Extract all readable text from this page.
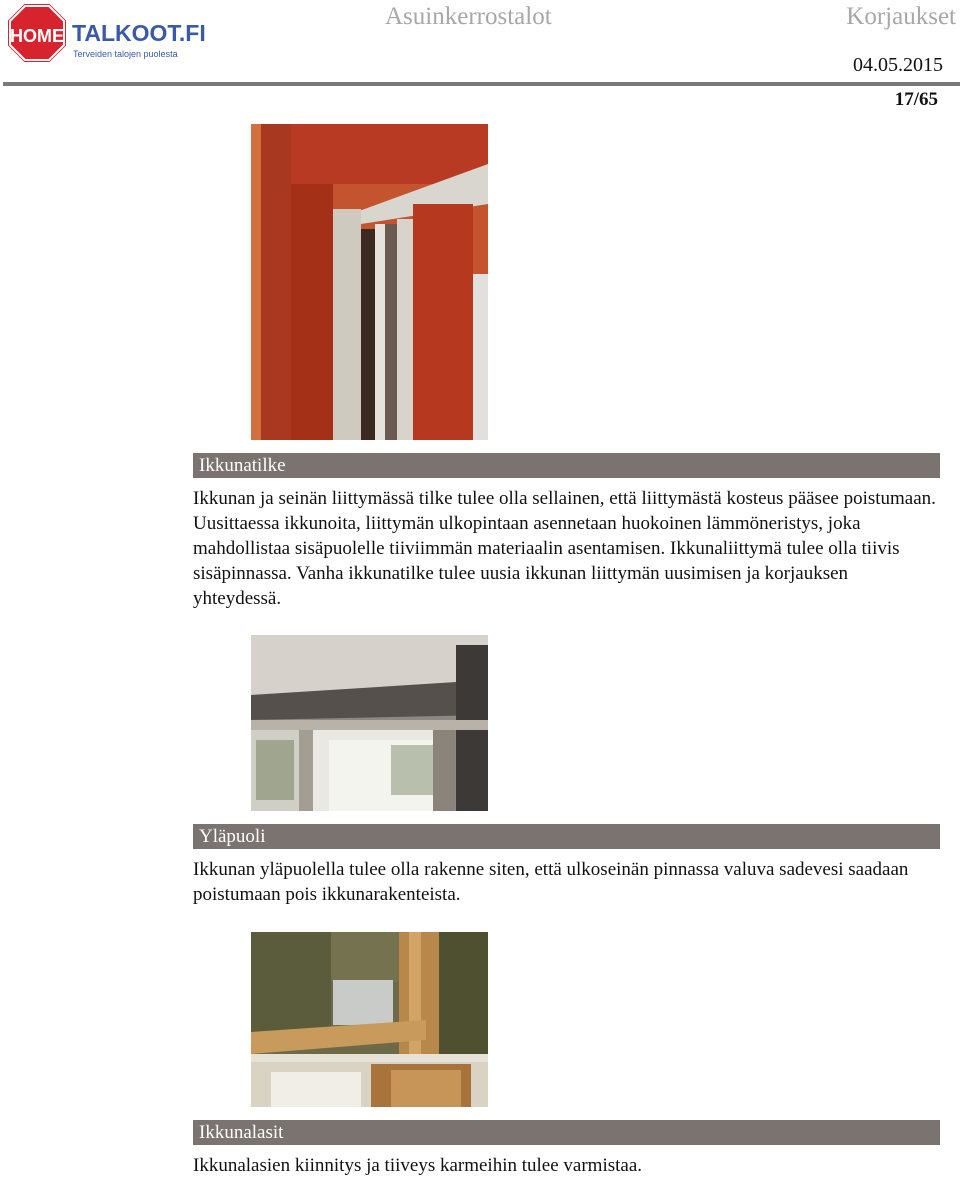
HOME TALKOOT.FI
Terveiden talojen puolesta
Asuinkerrostalot	Korjaukset
04.05.2015
17/65
Ikkunatilke

Ikkunan ja seinän liittymässä tilke tulee olla sellainen, että liittymästä kosteus pääsee poistumaan. Uusittaessa ikkunoita, liittymän ulkopintaan asennetaan huokoinen lämmöneristys, joka mahdollistaa sisäpuolelle tiiviimmän materiaalin asentamisen. Ikkunaliittymä tulee olla tiivis sisäpinnassa. Vanha ikkunatilke tulee uusia ikkunan liittymän uusimisen ja korjauksen yhteydessä.

Yläpuoli

Ikkunan yläpuolella tulee olla rakenne siten, että ulkoseinän pinnassa valuva sadevesi saadaan poistumaan pois ikkunarakenteista.

Ikkunalasit

Ikkunalasien kiinnitys ja tiiveys karmeihin tulee varmistaa.
